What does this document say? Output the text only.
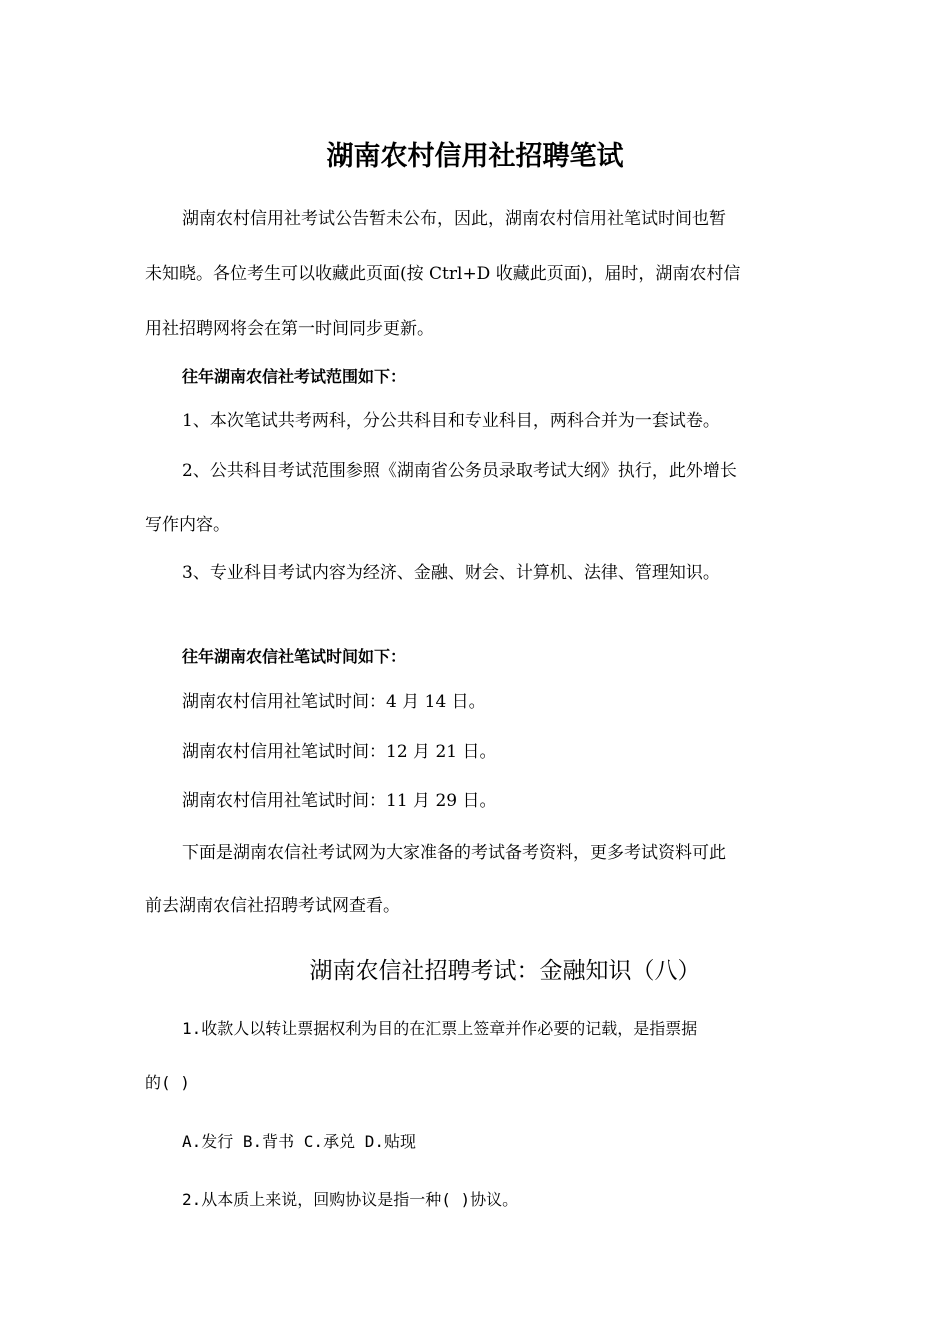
湖南农村信用社招聘笔试
湖南农村信用社考试公告暂未公布，因此，湖南农村信用社笔试时间也暂
未知晓。各位考生可以收藏此页面(按 Ctrl+D 收藏此页面)，届时，湖南农村信
用社招聘网将会在第一时间同步更新。
往年湖南农信社考试范围如下：
1、本次笔试共考两科，分公共科目和专业科目，两科合并为一套试卷。
2、公共科目考试范围参照《湖南省公务员录取考试大纲》执行，此外增长
写作内容。
3、专业科目考试内容为经济、金融、财会、计算机、法律、管理知识。
往年湖南农信社笔试时间如下：
湖南农村信用社笔试时间：4 月 14 日。
湖南农村信用社笔试时间：12 月 21 日。
湖南农村信用社笔试时间：11 月 29 日。
下面是湖南农信社考试网为大家准备的考试备考资料，更多考试资料可此
前去湖南农信社招聘考试网查看。
湖南农信社招聘考试：金融知识（八）
1.收款人以转让票据权利为目的在汇票上签章并作必要的记载，是指票据
的( )
A.发行 B.背书 C.承兑 D.贴现
2.从本质上来说，回购协议是指一种( )协议。
